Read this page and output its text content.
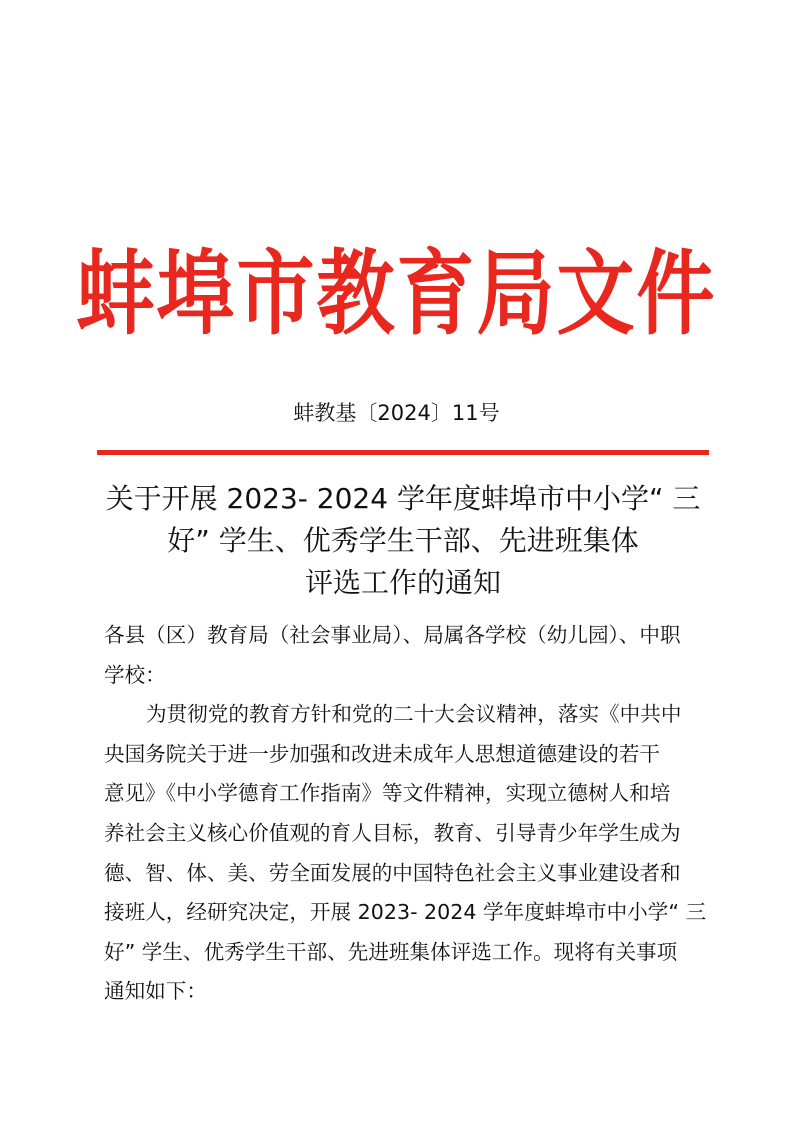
蚌埠市教育局文件
蚌教基〔2024〕11号
关于开展 2023- 2024 学年度蚌埠市中小学“ 三
好” 学生、优秀学生干部、先进班集体
评选工作的通知
各县（区）教育局（社会事业局）、局属各学校（幼儿园）、中职
学校：
为贯彻党的教育方针和党的二十大会议精神，落实《中共中
央国务院关于进一步加强和改进未成年人思想道德建设的若干
意见》《中小学德育工作指南》等文件精神，实现立德树人和培
养社会主义核心价值观的育人目标，教育、引导青少年学生成为
德、智、体、美、劳全面发展的中国特色社会主义事业建设者和
接班人，经研究决定，开展 2023- 2024 学年度蚌埠市中小学“ 三
好” 学生、优秀学生干部、先进班集体评选工作。现将有关事项
通知如下：
